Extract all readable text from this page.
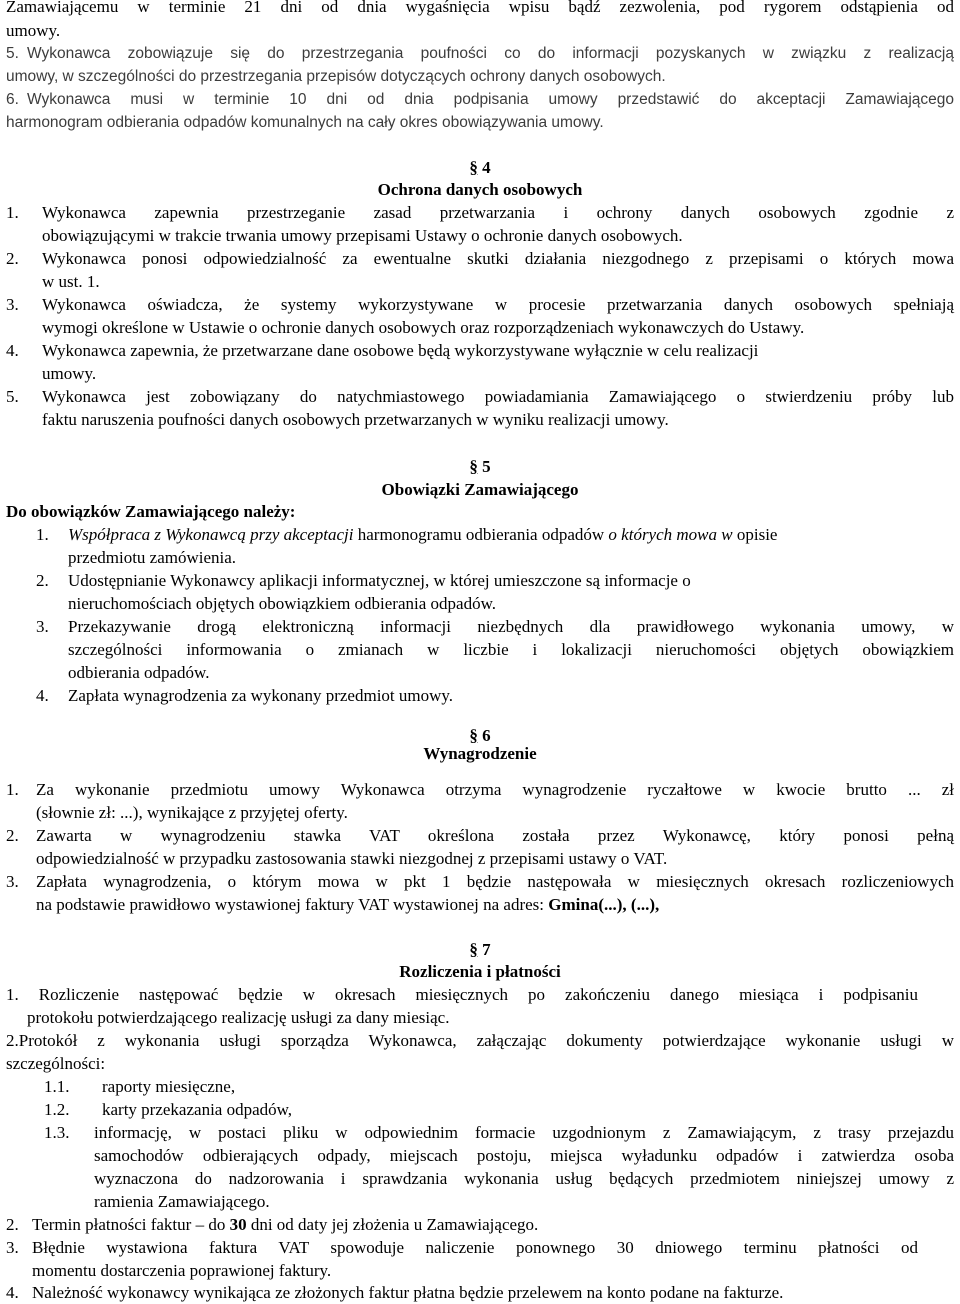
Zamawiającemu w terminie 21 dni od dnia wygaśnięcia wpisu bądź zezwolenia, pod rygorem odstąpienia od
umowy.
5. Wykonawca zobowiązuje się do przestrzegania poufności co do informacji pozyskanych w związku z realizacją
umowy, w szczególności do przestrzegania przepisów dotyczących ochrony danych osobowych.
6. Wykonawca musi w terminie 10 dni od dnia podpisania umowy przedstawić do akceptacji Zamawiającego
harmonogram odbierania odpadów komunalnych na cały okres obowiązywania umowy.
§ 4
Ochrona danych osobowych
1. Wykonawca zapewnia przestrzeganie zasad przetwarzania i ochrony danych osobowych zgodnie z
obowiązującymi w trakcie trwania umowy przepisami Ustawy o ochronie danych osobowych.
2. Wykonawca ponosi odpowiedzialność za ewentualne skutki działania niezgodnego z przepisami o których mowa
w ust. 1.
3. Wykonawca oświadcza, że systemy wykorzystywane w procesie przetwarzania danych osobowych spełniają
wymogi określone w Ustawie o ochronie danych osobowych oraz rozporządzeniach wykonawczych do Ustawy.
4. Wykonawca zapewnia, że przetwarzane dane osobowe będą wykorzystywane wyłącznie w celu realizacji
umowy.
5. Wykonawca jest zobowiązany do natychmiastowego powiadamiania Zamawiającego o stwierdzeniu próby lub
faktu naruszenia poufności danych osobowych przetwarzanych w wyniku realizacji umowy.
§ 5
Obowiązki Zamawiającego
Do obowiązków Zamawiającego należy:
1. Współpraca z Wykonawcą przy akceptacji harmonogramu odbierania odpadów o których mowa w opisie
przedmiotu zamówienia.
2. Udostępnianie Wykonawcy aplikacji informatycznej, w której umieszczone są informacje o
nieruchomościach objętych obowiązkiem odbierania odpadów.
3. Przekazywanie drogą elektroniczną informacji niezbędnych dla prawidłowego wykonania umowy, w
szczególności informowania o zmianach w liczbie i lokalizacji nieruchomości objętych obowiązkiem
odbierania odpadów.
4. Zapłata wynagrodzenia za wykonany przedmiot umowy.
§ 6
Wynagrodzenie
1. Za wykonanie przedmiotu umowy Wykonawca otrzyma wynagrodzenie ryczałtowe w kwocie brutto ... zł
(słownie zł: ...), wynikające z przyjętej oferty.
2. Zawarta w wynagrodzeniu stawka VAT określona została przez Wykonawcę, który ponosi pełną
odpowiedzialność w przypadku zastosowania stawki niezgodnej z przepisami ustawy o VAT.
3. Zapłata wynagrodzenia, o którym mowa w pkt 1 będzie następowała w miesięcznych okresach rozliczeniowych
na podstawie prawidłowo wystawionej faktury VAT wystawionej na adres: Gmina(...), (...),
§ 7
Rozliczenia i płatności
1. Rozliczenie następować będzie w okresach miesięcznych po zakończeniu danego miesiąca i podpisaniu
protokołu potwierdzającego realizację usługi za dany miesiąc.
2.Protokół z wykonania usługi sporządza Wykonawca, załączając dokumenty potwierdzające wykonanie usługi w
szczególności:
1.1. raporty miesięczne,
1.2. karty przekazania odpadów,
1.3. informację, w postaci pliku w odpowiednim formacie uzgodnionym z Zamawiającym, z trasy przejazdu
samochodów odbierających odpady, miejscach postoju, miejsca wyładunku odpadów i zatwierdza osoba
wyznaczona do nadzorowania i sprawdzania wykonania usług będących przedmiotem niniejszej umowy z
ramienia Zamawiającego.
2. Termin płatności faktur – do 30 dni od daty jej złożenia u Zamawiającego.
3. Błędnie wystawiona faktura VAT spowoduje naliczenie ponownego 30 dniowego terminu płatności od
momentu dostarczenia poprawionej faktury.
4. Należność wykonawcy wynikająca ze złożonych faktur płatna będzie przelewem na konto podane na fakturze.
